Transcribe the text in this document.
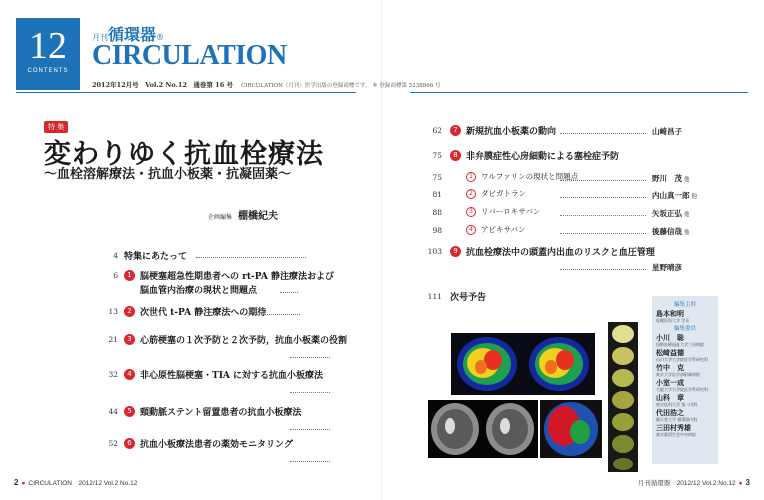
12
CONTENTS
月刊循環器®
CIRCULATION
2012年12月号　Vol.2 No.12　通巻第 16 号 CIRCULATION（月刊）医学出版の登録商標です。 ® 登録商標第 5238866 号
特 集
変わりゆく抗血栓療法
〜血栓溶解療法・抗血小板薬・抗凝固薬〜
企画編集 棚橋紀夫
4 特集にあたって
6	1 脳梗塞超急性期患者への rt-PA 静注療法および
脳血管内治療の現状と問題点
13	2 次世代 t-PA 静注療法への期待
21	3 心筋梗塞の１次予防と２次予防，抗血小板薬の役割
32	4 非心原性脳梗塞・TIA に対する抗血小板療法
44	5 頸動脈ステント留置患者の抗血小板療法
52	6 抗血小板療法患者の薬効モニタリング
62	7 新規抗血小板薬の動向	山崎昌子
75	8 非弁膜症性心房細動による塞栓症予防
75	1	ワルファリンの現状と問題点	野川　茂 他
81	2	ダビガトラン	内山真一郎 他
88	3	リバーロキサバン	矢坂正弘 他
98	4	アピキサバン	後藤信哉 他
103	9 抗血栓療法中の頭蓋内出血のリスクと血圧管理
星野晴彦
111 次号予告
編集主幹
島本和明
札幌医科大学 学長
編集委員
小川　聡
国際医療福祉大学三田病院
松﨑益德
山口大学大学院医学系研究科
竹中　克
東京大学医学部附属病院
小室一成
大阪大学大学院医学系研究科
山科　章
東京医科大学 第二内科
代田浩之
順天堂大学 循環器内科
三田村秀雄
東京都済生会中央病院
2 ● CIRCULATION　2012/12 Vol.2 No.12	月刊循環器　2012/12 Vol.2 No.12 ● 3
